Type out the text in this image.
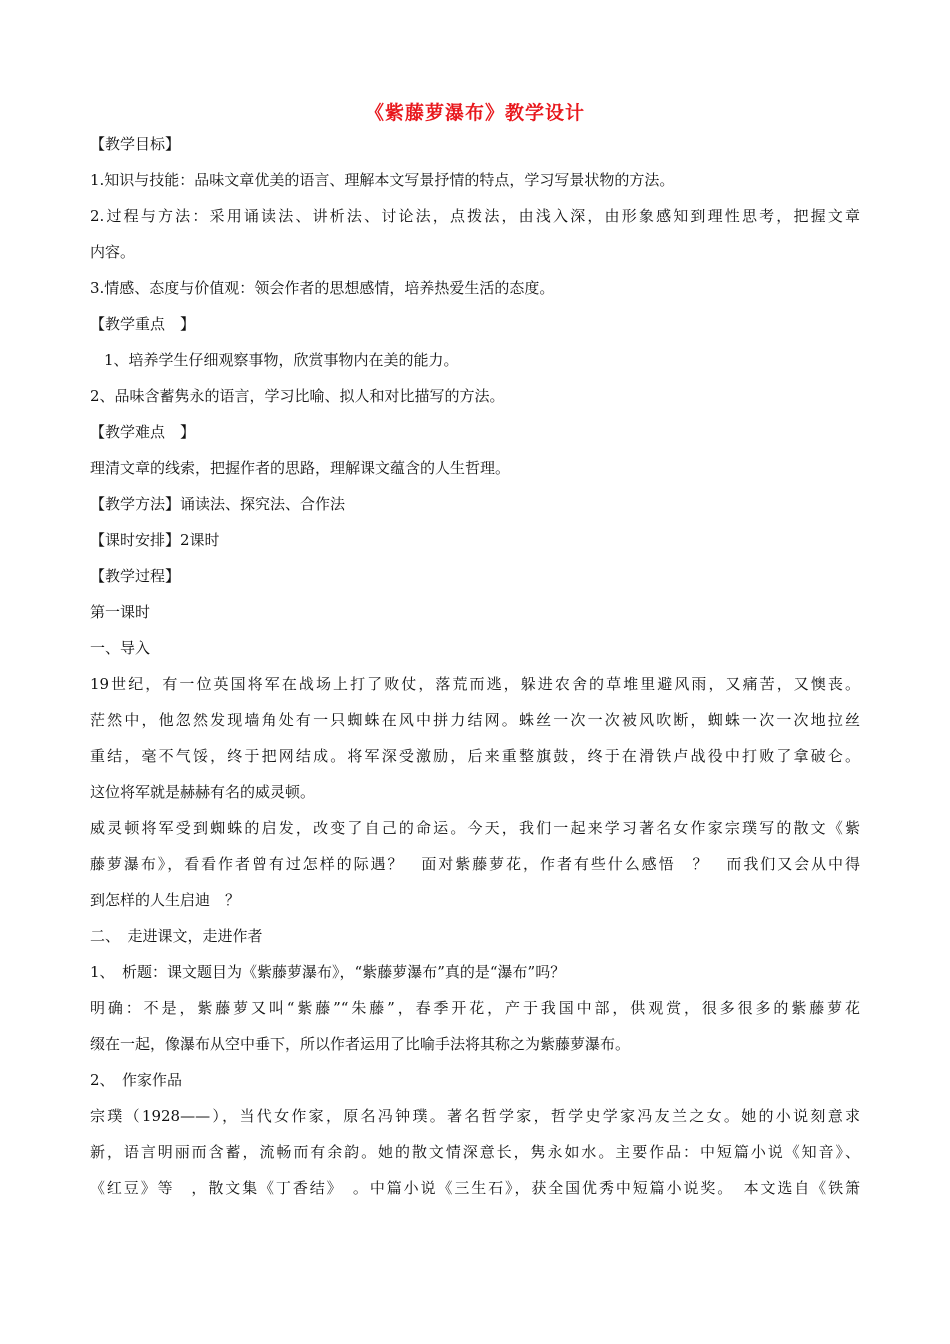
《紫藤萝瀑布》教学设计

【教学目标】

1.知识与技能：品味文章优美的语言、理解本文写景抒情的特点，学习写景状物的方法。

2.过程与方法：采用诵读法、讲析法、讨论法，点拨法，由浅入深，由形象感知到理性思考，把握文章

内容。

3.情感、态度与价值观：领会作者的思想感情，培养热爱生活的态度。

【教学重点　】

1、培养学生仔细观察事物，欣赏事物内在美的能力。

2、品味含蓄隽永的语言，学习比喻、拟人和对比描写的方法。

【教学难点　】

理清文章的线索，把握作者的思路，理解课文蕴含的人生哲理。

【教学方法】诵读法、探究法、合作法

【课时安排】2课时

【教学过程】

第一课时

一、导入

19世纪，有一位英国将军在战场上打了败仗，落荒而逃，躲进农舍的草堆里避风雨，又痛苦，又懊丧。

茫然中，他忽然发现墙角处有一只蜘蛛在风中拼力结网。蛛丝一次一次被风吹断，蜘蛛一次一次地拉丝

重结，毫不气馁，终于把网结成。将军深受激励，后来重整旗鼓，终于在滑铁卢战役中打败了拿破仑。

这位将军就是赫赫有名的威灵顿。

威灵顿将军受到蜘蛛的启发，改变了自己的命运。今天，我们一起来学习著名女作家宗璞写的散文《紫

藤萝瀑布》，看看作者曾有过怎样的际遇？　面对紫藤萝花，作者有些什么感悟　？　而我们又会从中得

到怎样的人生启迪　？

二、　走进课文，走进作者

1、　析题：课文题目为《紫藤萝瀑布》，“紫藤萝瀑布”真的是“瀑布”吗？

明确：不是，紫藤萝又叫“紫藤”“朱藤”，春季开花，产于我国中部，供观赏，很多很多的紫藤萝花

缀在一起，像瀑布从空中垂下，所以作者运用了比喻手法将其称之为紫藤萝瀑布。

2、　作家作品

宗璞（1928——），当代女作家，原名冯钟璞。著名哲学家，哲学史学家冯友兰之女。她的小说刻意求

新，语言明丽而含蓄，流畅而有余韵。她的散文情深意长，隽永如水。主要作品：中短篇小说《知音》、

《红豆》等　，散文集《丁香结》　。中篇小说《三生石》，获全国优秀中短篇小说奖。　本文选自《铁箫
